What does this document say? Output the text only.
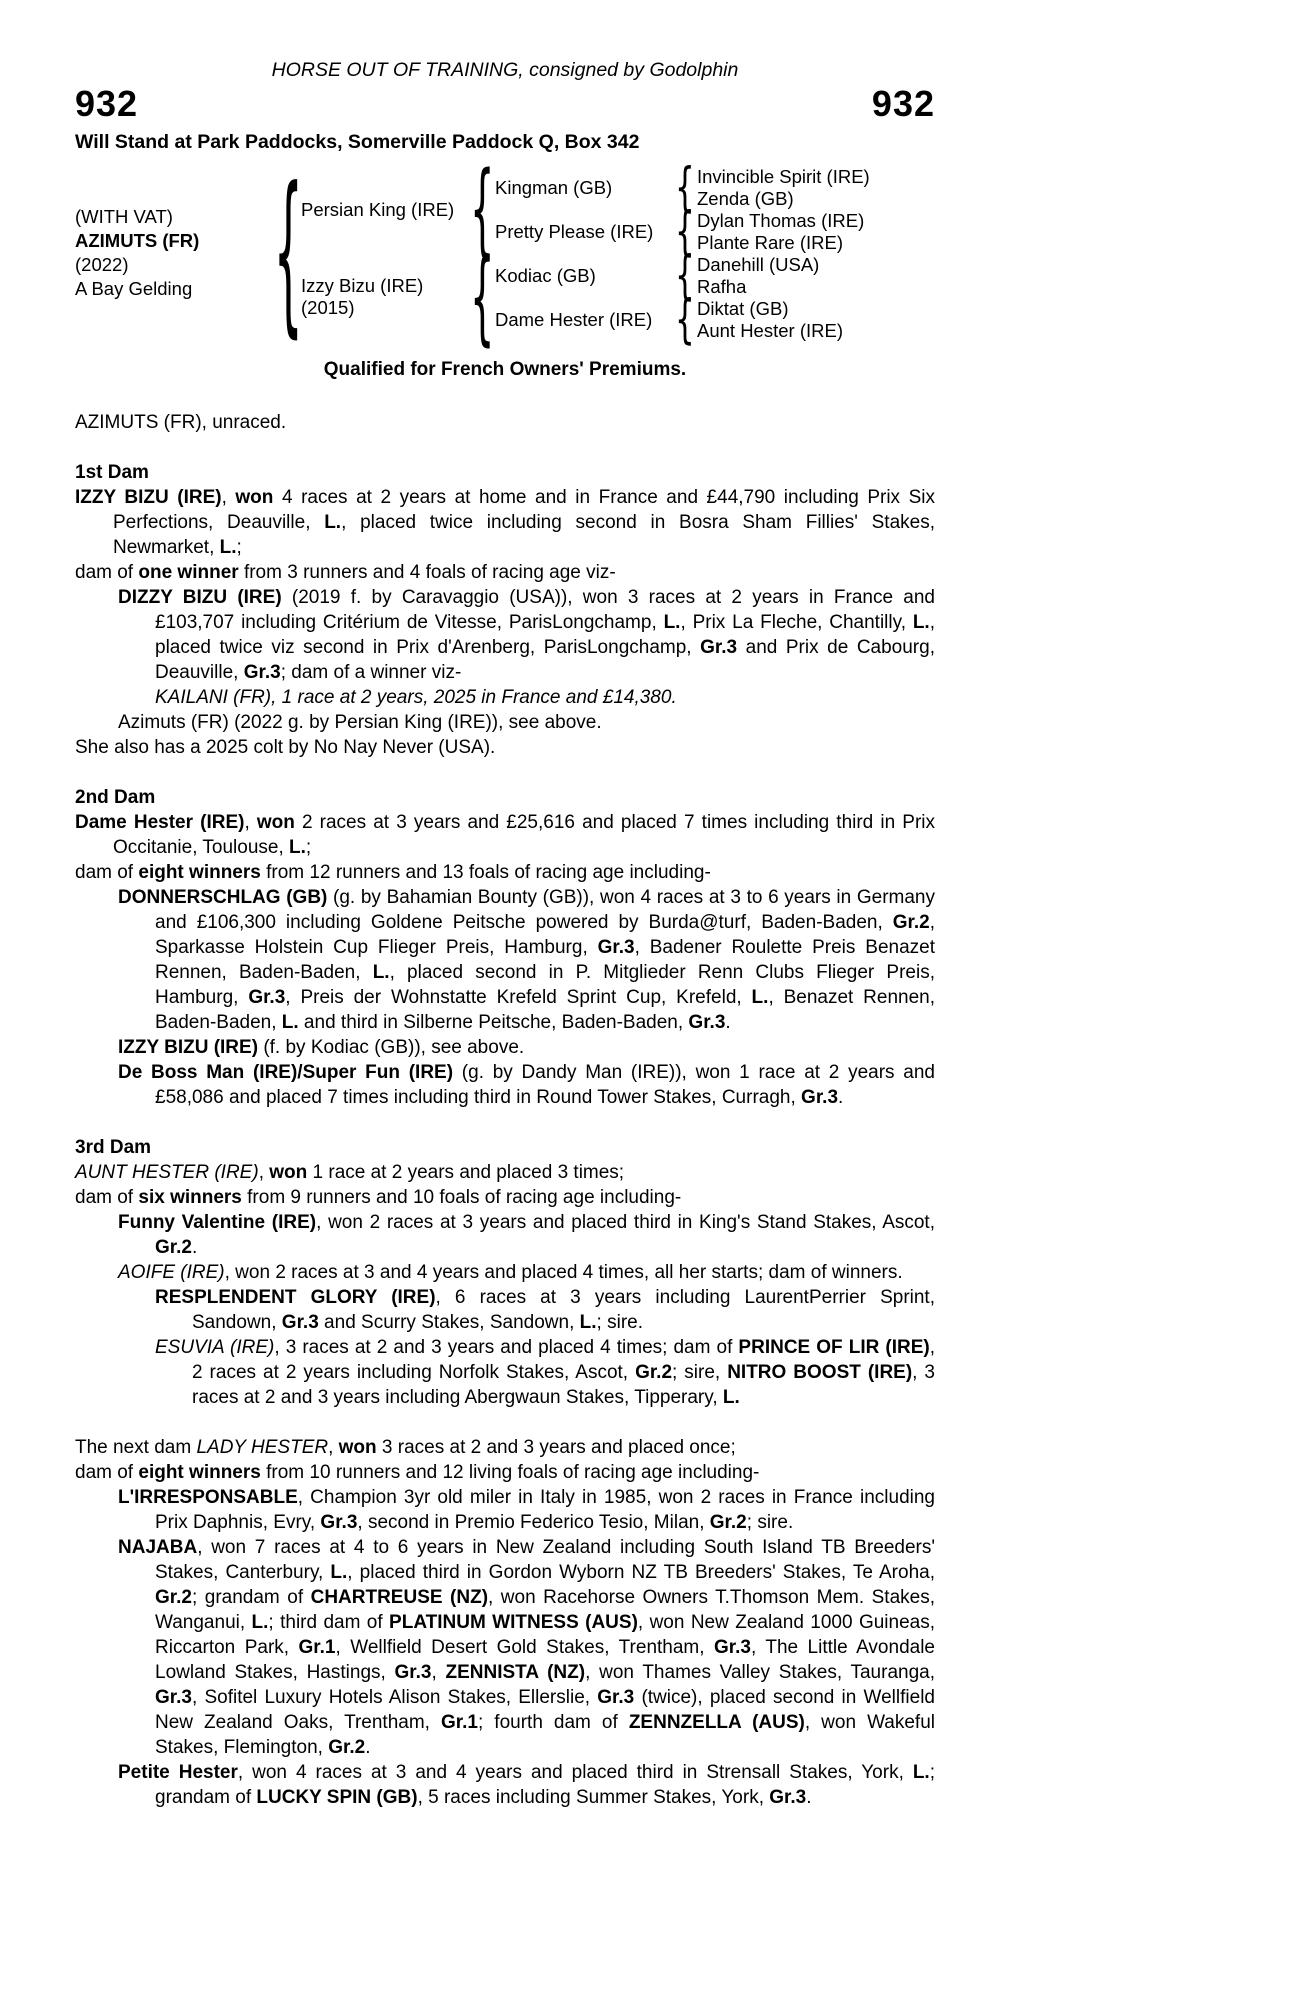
HORSE OUT OF TRAINING, consigned by Godolphin
932	932
Will Stand at Park Paddocks, Somerville Paddock Q, Box 342
(WITH VAT)
AZIMUTS (FR)
(2022)
A Bay Gelding {
Persian King (IRE)
Izzy Bizu (IRE)
(2015)
{
{
Kingman (GB)
Pretty Please (IRE)
Kodiac (GB)
Dame Hester (IRE)
{
{
{
{
Invincible Spirit (IRE)
Zenda (GB)
Dylan Thomas (IRE)
Plante Rare (IRE)
Danehill (USA)
Rafha
Diktat (GB)
Aunt Hester (IRE)
Qualified for French Owners' Premiums.
AZIMUTS (FR), unraced.
1st Dam

IZZY BIZU (IRE), won 4 races at 2 years at home and in France and £44,790 including Prix Six Perfections, Deauville, L., placed twice including second in Bosra Sham Fillies' Stakes, Newmarket, L.;

dam of one winner from 3 runners and 4 foals of racing age viz-

DIZZY BIZU (IRE) (2019 f. by Caravaggio (USA)), won 3 races at 2 years in France and £103,707 including Critérium de Vitesse, ParisLongchamp, L., Prix La Fleche, Chantilly, L., placed twice viz second in Prix d'Arenberg, ParisLongchamp, Gr.3 and Prix de Cabourg, Deauville, Gr.3; dam of a winner viz-

KAILANI (FR), 1 race at 2 years, 2025 in France and £14,380.

Azimuts (FR) (2022 g. by Persian King (IRE)), see above.

She also has a 2025 colt by No Nay Never (USA).

2nd Dam

Dame Hester (IRE), won 2 races at 3 years and £25,616 and placed 7 times including third in Prix Occitanie, Toulouse, L.;

dam of eight winners from 12 runners and 13 foals of racing age including-

DONNERSCHLAG (GB) (g. by Bahamian Bounty (GB)), won 4 races at 3 to 6 years in Germany and £106,300 including Goldene Peitsche powered by Burda@turf, Baden-Baden, Gr.2, Sparkasse Holstein Cup Flieger Preis, Hamburg, Gr.3, Badener Roulette Preis Benazet Rennen, Baden-Baden, L., placed second in P. Mitglieder Renn Clubs Flieger Preis, Hamburg, Gr.3, Preis der Wohnstatte Krefeld Sprint Cup, Krefeld, L., Benazet Rennen, Baden-Baden, L. and third in Silberne Peitsche, Baden-Baden, Gr.3.

IZZY BIZU (IRE) (f. by Kodiac (GB)), see above.

De Boss Man (IRE)/Super Fun (IRE) (g. by Dandy Man (IRE)), won 1 race at 2 years and £58,086 and placed 7 times including third in Round Tower Stakes, Curragh, Gr.3.

3rd Dam

AUNT HESTER (IRE), won 1 race at 2 years and placed 3 times;

dam of six winners from 9 runners and 10 foals of racing age including-

Funny Valentine (IRE), won 2 races at 3 years and placed third in King's Stand Stakes, Ascot, Gr.2.

AOIFE (IRE), won 2 races at 3 and 4 years and placed 4 times, all her starts; dam of winners.

RESPLENDENT GLORY (IRE), 6 races at 3 years including LaurentPerrier Sprint, Sandown, Gr.3 and Scurry Stakes, Sandown, L.; sire.

ESUVIA (IRE), 3 races at 2 and 3 years and placed 4 times; dam of PRINCE OF LIR (IRE), 2 races at 2 years including Norfolk Stakes, Ascot, Gr.2; sire, NITRO BOOST (IRE), 3 races at 2 and 3 years including Abergwaun Stakes, Tipperary, L.

The next dam LADY HESTER, won 3 races at 2 and 3 years and placed once;

dam of eight winners from 10 runners and 12 living foals of racing age including-

L'IRRESPONSABLE, Champion 3yr old miler in Italy in 1985, won 2 races in France including Prix Daphnis, Evry, Gr.3, second in Premio Federico Tesio, Milan, Gr.2; sire.

NAJABA, won 7 races at 4 to 6 years in New Zealand including South Island TB Breeders' Stakes, Canterbury, L., placed third in Gordon Wyborn NZ TB Breeders' Stakes, Te Aroha, Gr.2; grandam of CHARTREUSE (NZ), won Racehorse Owners T.Thomson Mem. Stakes, Wanganui, L.; third dam of PLATINUM WITNESS (AUS), won New Zealand 1000 Guineas, Riccarton Park, Gr.1, Wellfield Desert Gold Stakes, Trentham, Gr.3, The Little Avondale Lowland Stakes, Hastings, Gr.3, ZENNISTA (NZ), won Thames Valley Stakes, Tauranga, Gr.3, Sofitel Luxury Hotels Alison Stakes, Ellerslie, Gr.3 (twice), placed second in Wellfield New Zealand Oaks, Trentham, Gr.1; fourth dam of ZENNZELLA (AUS), won Wakeful Stakes, Flemington, Gr.2.

Petite Hester, won 4 races at 3 and 4 years and placed third in Strensall Stakes, York, L.; grandam of LUCKY SPIN (GB), 5 races including Summer Stakes, York, Gr.3.
